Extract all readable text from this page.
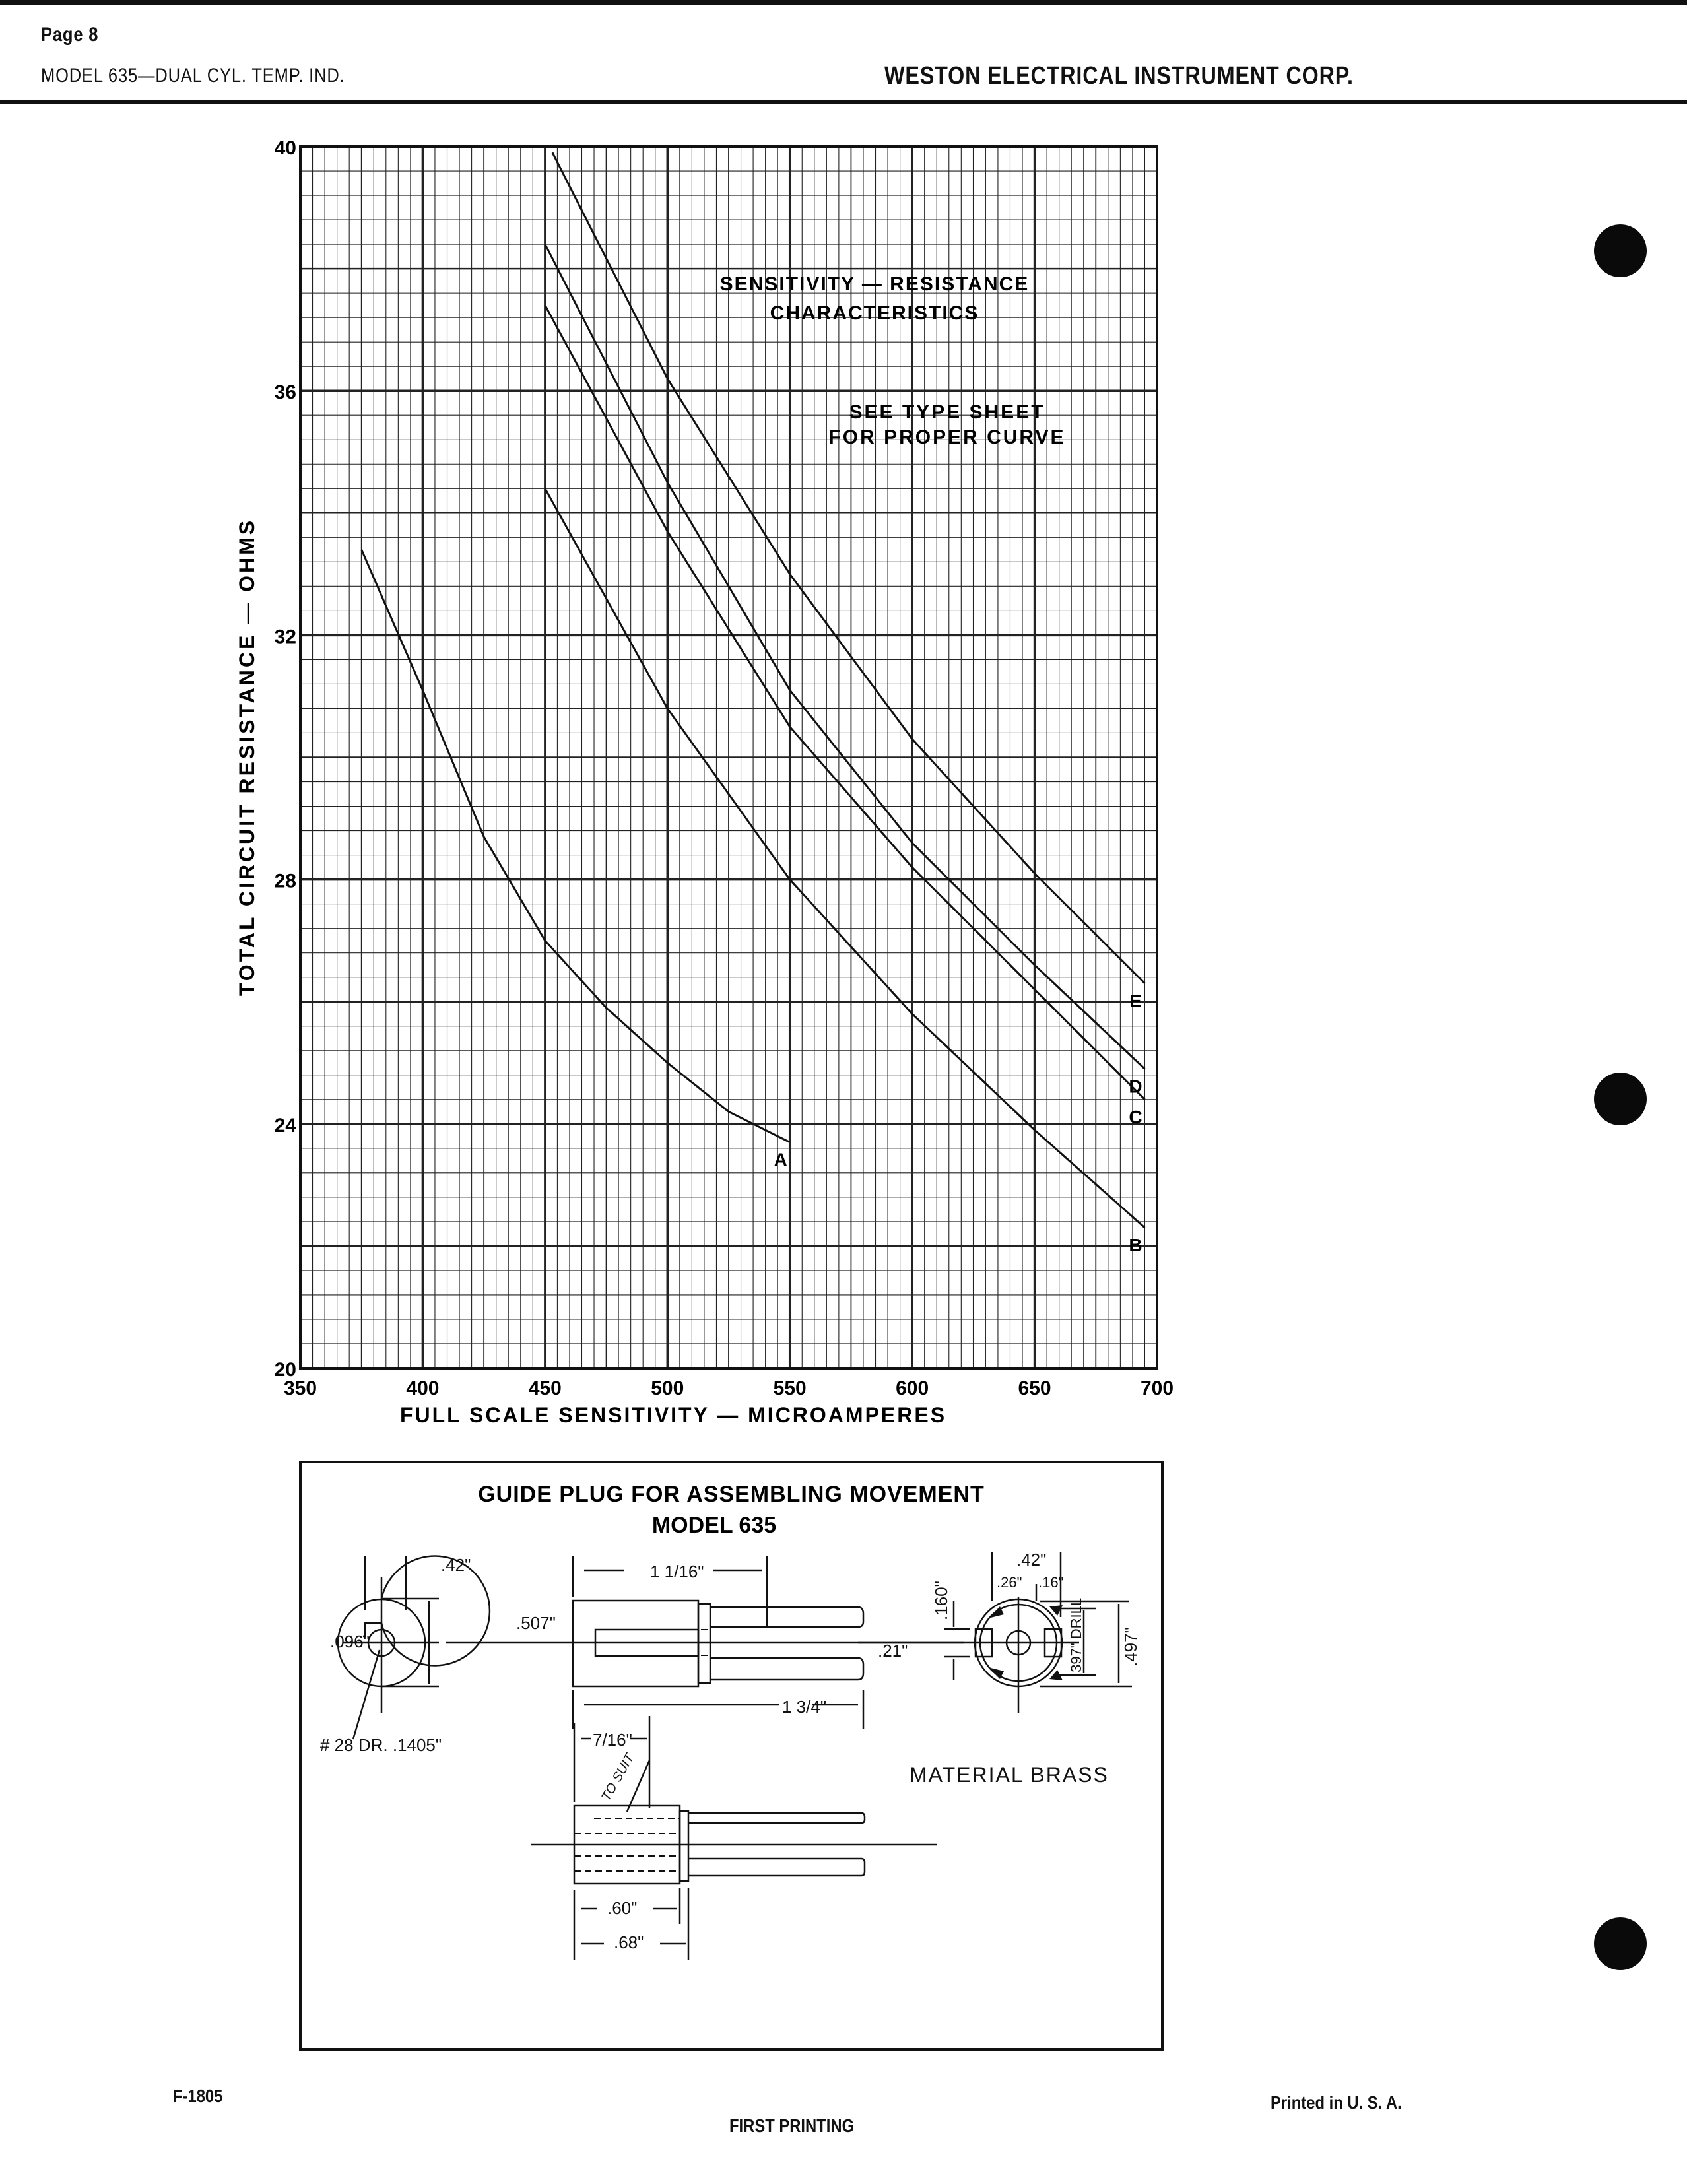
Page 8
MODEL 635—DUAL CYL. TEMP. IND.	WESTON ELECTRICAL INSTRUMENT CORP.
A
B
C
D
E
350	400	450	500	550	600	650	700
20
24
28
32
36
40
SENSITIVITY — RESISTANCE
CHARACTERISTICS
SEE TYPE SHEET
FOR PROPER CURVE
FULL SCALE SENSITIVITY — MICROAMPERES
TOTAL CIRCUIT RESISTANCE — OHMS
GUIDE PLUG FOR ASSEMBLING MOVEMENT
MODEL 635
.42"
.096"
.507"
# 28 DR. .1405"
1 1/16"
1 3/4"
.160"
.21"
.42"
.26" .16"
.397" DRILL .497"
7/16"
TO SUIT
.60"
.68"
MATERIAL BRASS
F-1805
FIRST PRINTING
Printed in U. S. A.
